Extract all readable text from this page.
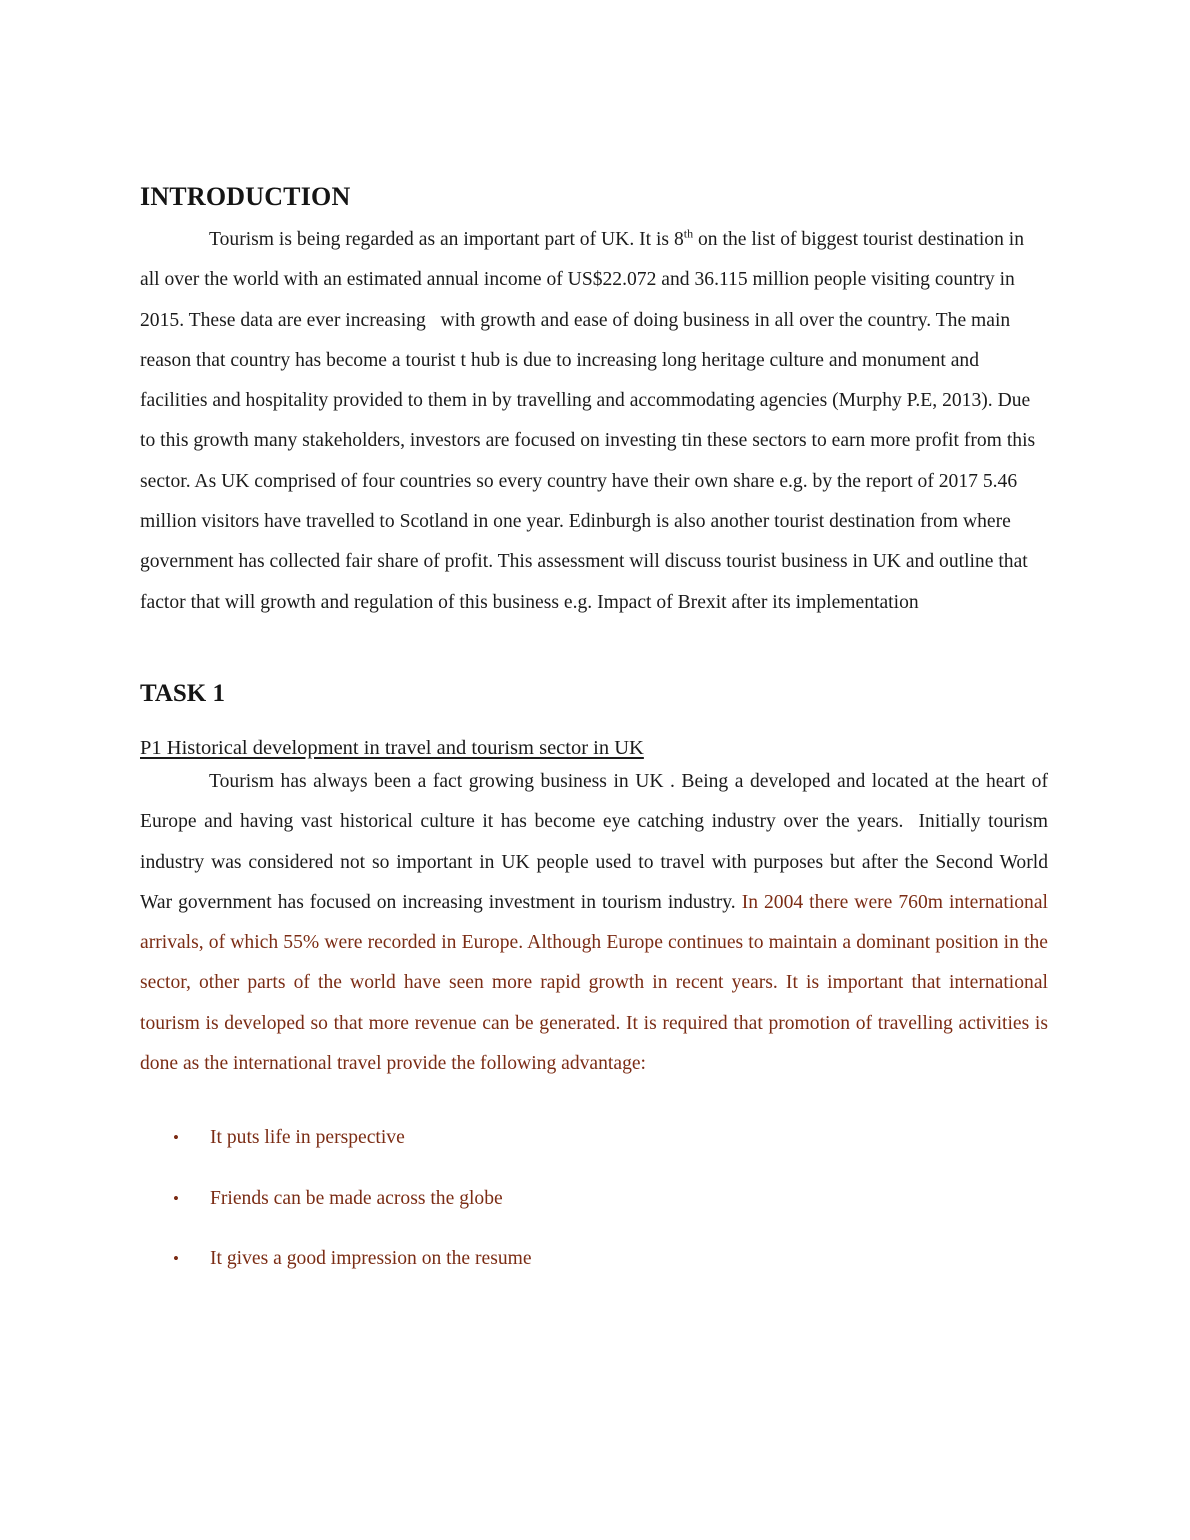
INTRODUCTION

Tourism is being regarded as an important part of UK. It is 8th on the list of biggest tourist destination in all over the world with an estimated annual income of US$22.072 and 36.115 million people visiting country in 2015. These data are ever increasing   with growth and ease of doing business in all over the country. The main reason that country has become a tourist t hub is due to increasing long heritage culture and monument and facilities and hospitality provided to them in by travelling and accommodating agencies (Murphy P.E, 2013). Due to this growth many stakeholders, investors are focused on investing tin these sectors to earn more profit from this sector. As UK comprised of four countries so every country have their own share e.g. by the report of 2017 5.46 million visitors have travelled to Scotland in one year. Edinburgh is also another tourist destination from where government has collected fair share of profit. This assessment will discuss tourist business in UK and outline that factor that will growth and regulation of this business e.g. Impact of Brexit after its implementation

TASK 1
P1 Historical development in travel and tourism sector in UK

Tourism has always been a fact growing business in UK . Being a developed and located at the heart of Europe and having vast historical culture it has become eye catching industry over the years.  Initially tourism industry was considered not so important in UK people used to travel with purposes but after the Second World War government has focused on increasing investment in tourism industry. In 2004 there were 760m international arrivals, of which 55% were recorded in Europe. Although Europe continues to maintain a dominant position in the sector, other parts of the world have seen more rapid growth in recent years. It is important that international tourism is developed so that more revenue can be generated. It is required that promotion of travelling activities is done as the international travel provide the following advantage:

•	It puts life in perspective
•	Friends can be made across the globe
•	It gives a good impression on the resume
